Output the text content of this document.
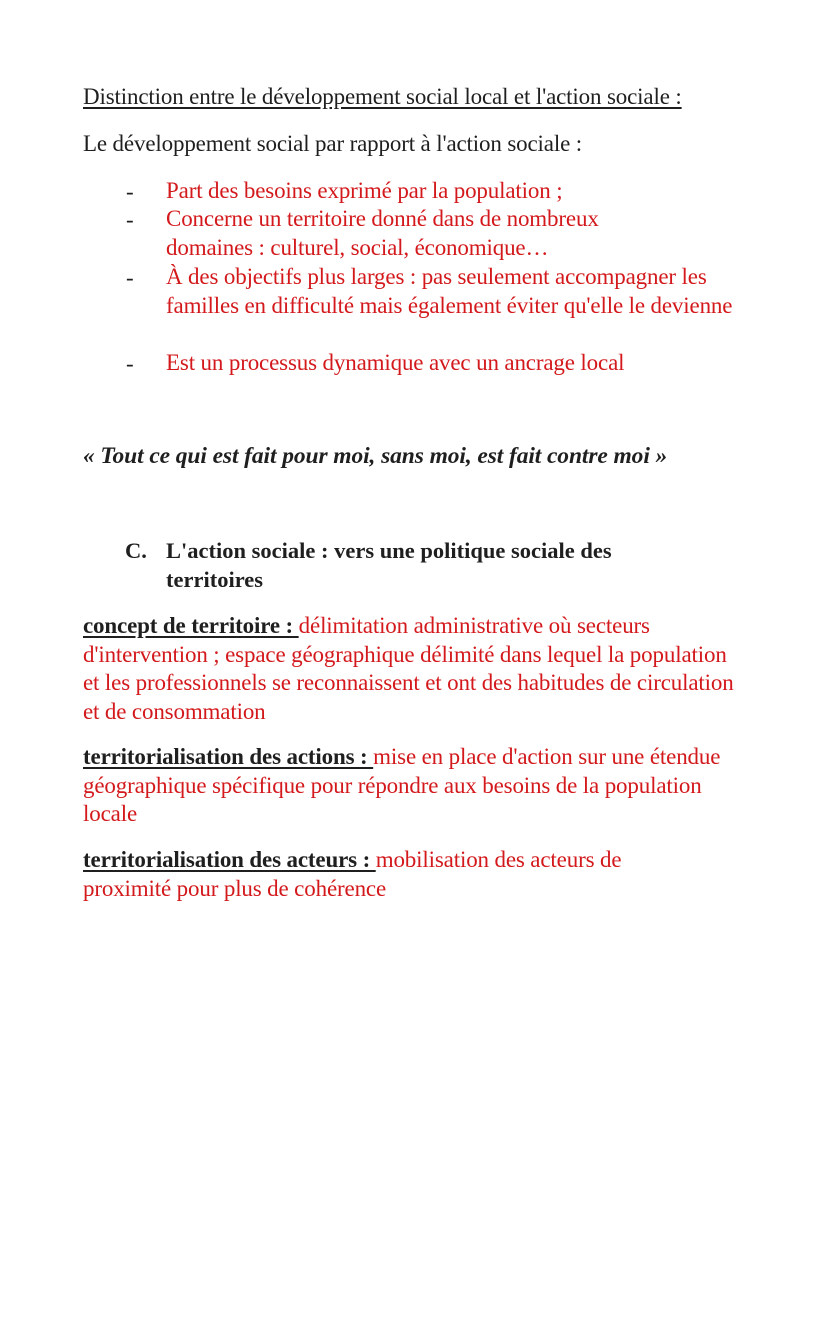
Distinction entre le développement social local et l'action sociale :

Le développement social par rapport à l'action sociale :

- Part des besoins exprimé par la population ;
- Concerne un territoire donné dans de nombreux domaines : culturel, social, économique…
- À des objectifs plus larges : pas seulement accompagner les familles en difficulté mais également éviter qu'elle le devienne
- Est un processus dynamique avec un ancrage local

« Tout ce qui est fait pour moi, sans moi, est fait contre moi »

C. L'action sociale : vers une politique sociale des territoires
concept de territoire : délimitation administrative où secteurs d'intervention ; espace géographique délimité dans lequel la population et les professionnels se reconnaissent et ont des habitudes de circulation et de consommation
territorialisation des actions : mise en place d'action sur une étendue géographique spécifique pour répondre aux besoins de la population locale
territorialisation des acteurs : mobilisation des acteurs de proximité pour plus de cohérence
